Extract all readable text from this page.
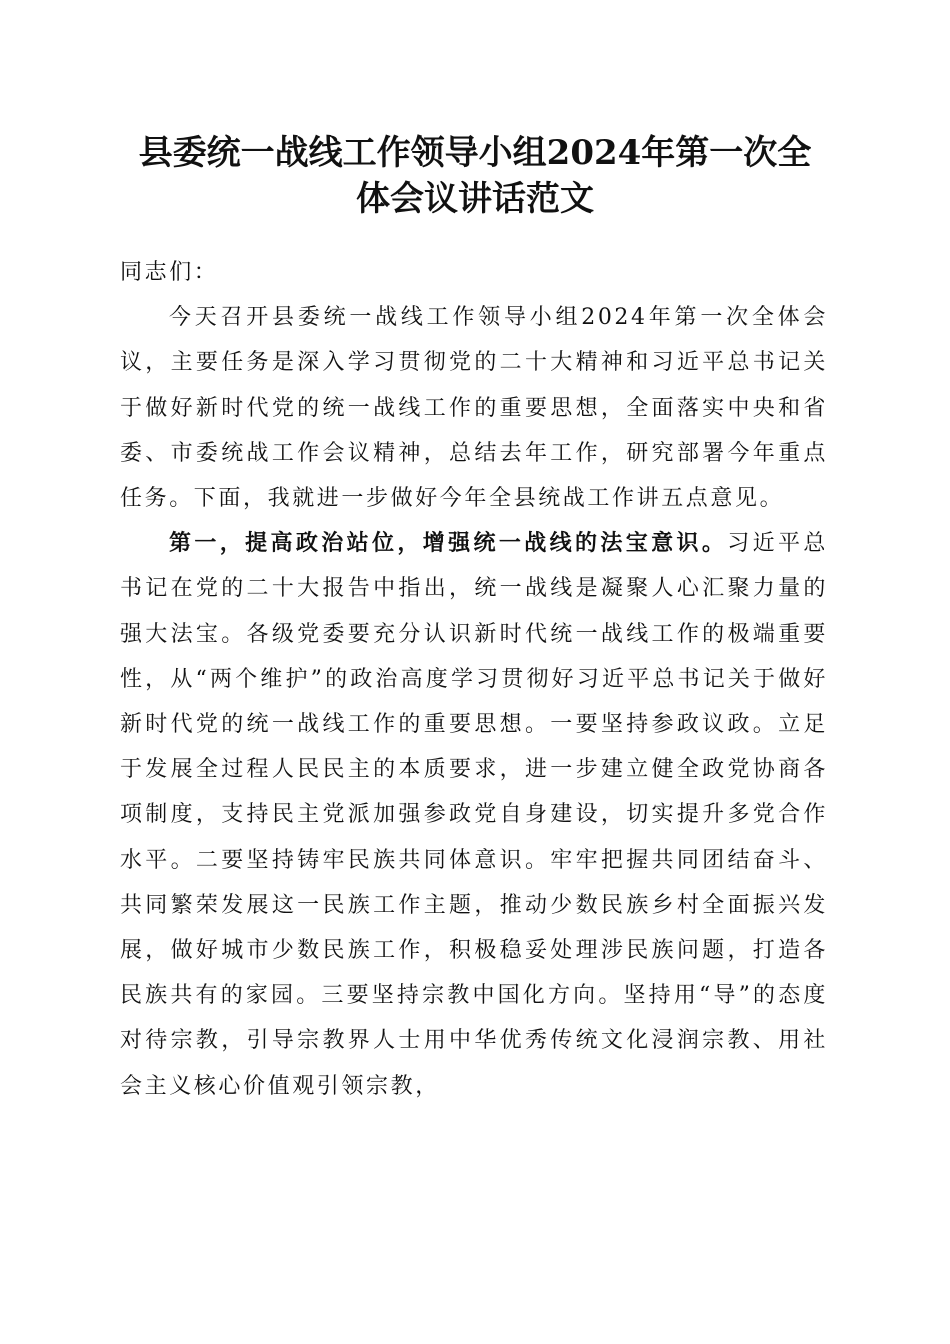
县委统一战线工作领导小组2024年第一次全
体会议讲话范文

同志们：

今天召开县委统一战线工作领导小组2024年第一次全体会议，主要任务是深入学习贯彻党的二十大精神和习近平总书记关于做好新时代党的统一战线工作的重要思想，全面落实中央和省委、市委统战工作会议精神，总结去年工作，研究部署今年重点任务。下面，我就进一步做好今年全县统战工作讲五点意见。

第一，提高政治站位，增强统一战线的法宝意识。习近平总书记在党的二十大报告中指出，统一战线是凝聚人心汇聚力量的强大法宝。各级党委要充分认识新时代统一战线工作的极端重要性，从“两个维护”的政治高度学习贯彻好习近平总书记关于做好新时代党的统一战线工作的重要思想。一要坚持参政议政。立足于发展全过程人民民主的本质要求，进一步建立健全政党协商各项制度，支持民主党派加强参政党自身建设，切实提升多党合作水平。二要坚持铸牢民族共同体意识。牢牢把握共同团结奋斗、共同繁荣发展这一民族工作主题，推动少数民族乡村全面振兴发展，做好城市少数民族工作，积极稳妥处理涉民族问题，打造各民族共有的家园。三要坚持宗教中国化方向。坚持用“导”的态度对待宗教，引导宗教界人士用中华优秀传统文化浸润宗教、用社会主义核心价值观引领宗教，
